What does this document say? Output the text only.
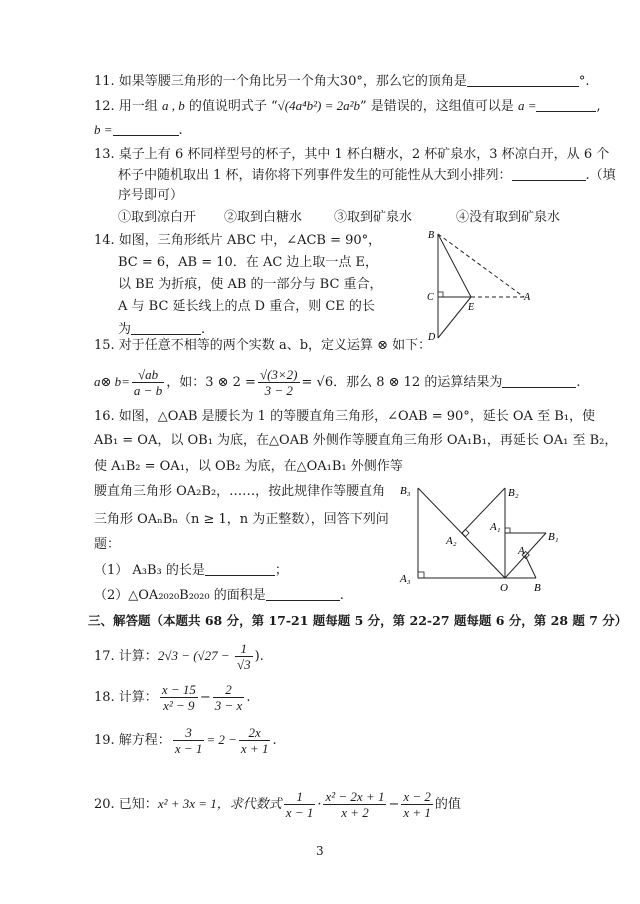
11. 如果等腰三角形的一个角比另一个角大30°，那么它的顶角是	°.
12. 用一组 a , b 的值说明式子 “√(4a⁴b²) = 2a²b” 是错误的，这组值可以是 a =	,
b =	.
13. 桌子上有 6 杯同样型号的杯子，其中 1 杯白糖水，2 杯矿泉水，3 杯凉白开，从 6 个
杯子中随机取出 1 杯，请你将下列事件发生的可能性从大到小排列：	.（填
序号即可）
①取到凉白开 ②取到白糖水 ③取到矿泉水	④没有取到矿泉水
14. 如图，三角形纸片 ABC 中，∠ACB = 90°，
BC = 6，AB = 10．在 AC 边上取一点 E，
以 BE 为折痕，使 AB 的一部分与 BC 重合，
A 与 BC 延长线上的点 D 重合，则 CE 的长
为	.
B
C
E
A
D
15. 对于任意不相等的两个实数 a、b，定义运算 ⊗ 如下：
a⊗ $b= \frac{√ab}{a - b}$ ，如：3 ⊗ $2 = \frac{√(3\times 2)}{3 - 2} = √6$．那么 8 ⊗ 12 的运算结果为	.
16. 如图，△OAB 是腰长为 1 的等腰直角三角形，∠OAB = 90°，延长 OA 至 B₁，使
AB₁ = OA，以 OB₁ 为底，在△OAB 外侧作等腰直角三角形 OA₁B₁，再延长 OA₁ 至 B₂，
使 A₁B₂ = OA₁，以 OB₂ 为底，在△OA₁B₁ 外侧作等
腰直角三角形 OA₂B₂，……，按此规律作等腰直角
三角形 OAₙBₙ（n ≥ 1，n 为正整数），回答下列问
题：
（1） A₃B₃ 的长是	；
（2）△OA₂₀₂₀B₂₀₂₀ 的面积是	.
B₃	B₂
A₁
B₁
A₂
A
A₃
O B
三、解答题（本题共 68 分，第 17-21 题每题 5 分，第 22-27 题每题 6 分，第 28 题 7 分）
17. 计算：$2√3 - (√27 - \frac{1}{√3}$ ).
18. 计算： $\frac{x - 15}{\text{x² − 9}} - \frac{2}{3 - x}$ .
19. 解方程： $\frac{3}{x - 1} = 2 - \frac{2x}{x + 1}$ .
20. 已知：x² + 3x = 1，求代数式 $\frac{1}{x - 1} \cdot \frac{\text{x² − 2x + 1}}{x + 2} - \frac{x - 2}{x + 1}$ 的值
3
